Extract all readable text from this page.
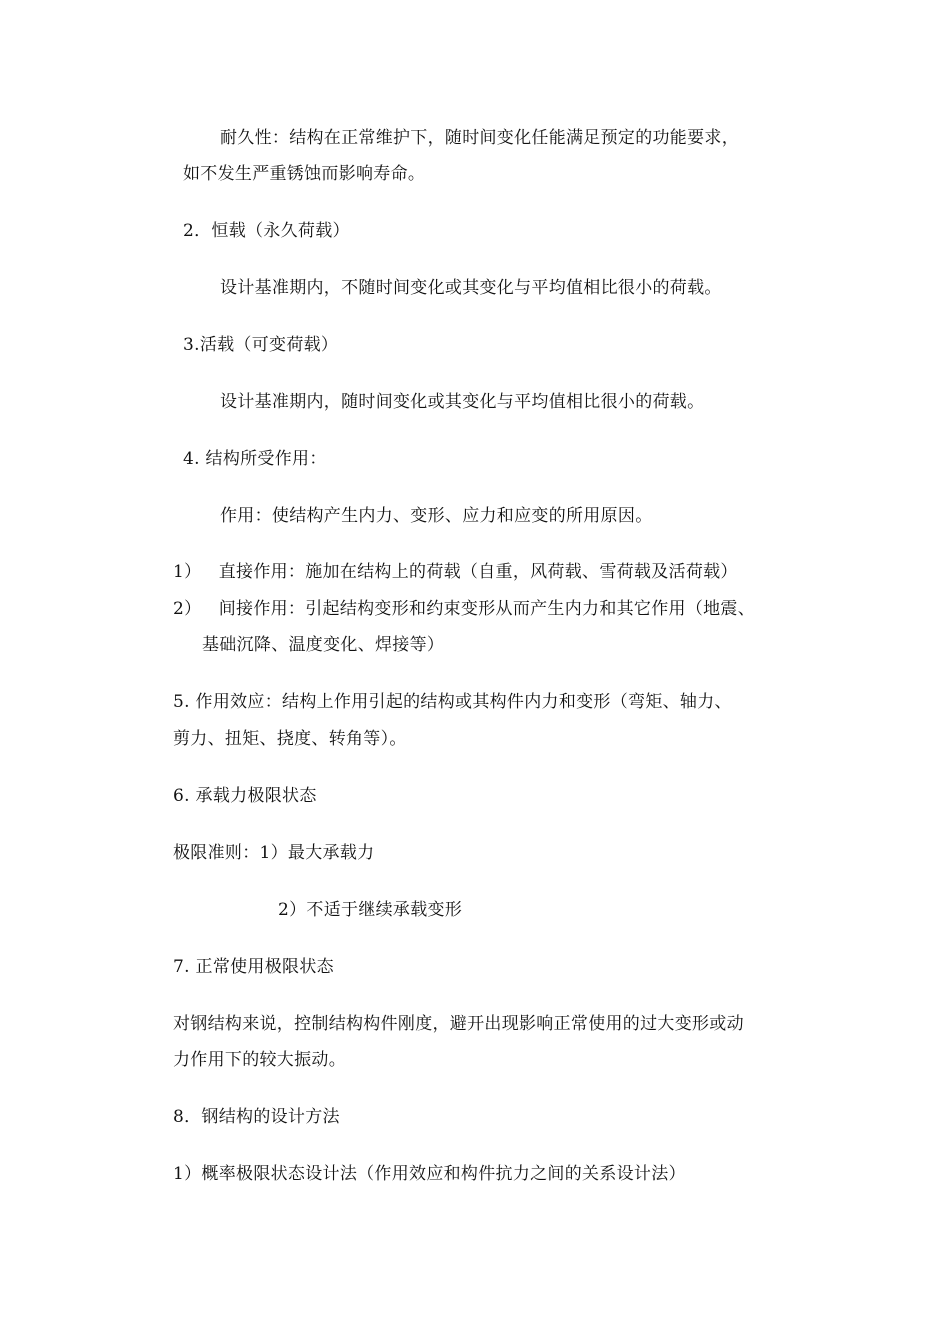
耐久性：结构在正常维护下，随时间变化任能满足预定的功能要求，
如不发生严重锈蚀而影响寿命。
2．恒载（永久荷载）
设计基准期内，不随时间变化或其变化与平均值相比很小的荷载。
3.活载（可变荷载）
设计基准期内，随时间变化或其变化与平均值相比很小的荷载。
4. 结构所受作用：
作用：使结构产生内力、变形、应力和应变的所用原因。
1） 直接作用：施加在结构上的荷载（自重，风荷载、雪荷载及活荷载）
2） 间接作用：引起结构变形和约束变形从而产生内力和其它作用（地震、
基础沉降、温度变化、焊接等）
5. 作用效应：结构上作用引起的结构或其构件内力和变形（弯矩、轴力、
剪力、扭矩、挠度、转角等）。
6. 承载力极限状态
极限准则：1）最大承载力
2）不适于继续承载变形
7. 正常使用极限状态
对钢结构来说，控制结构构件刚度，避开出现影响正常使用的过大变形或动
力作用下的较大振动。
8．钢结构的设计方法
1）概率极限状态设计法（作用效应和构件抗力之间的关系设计法）
